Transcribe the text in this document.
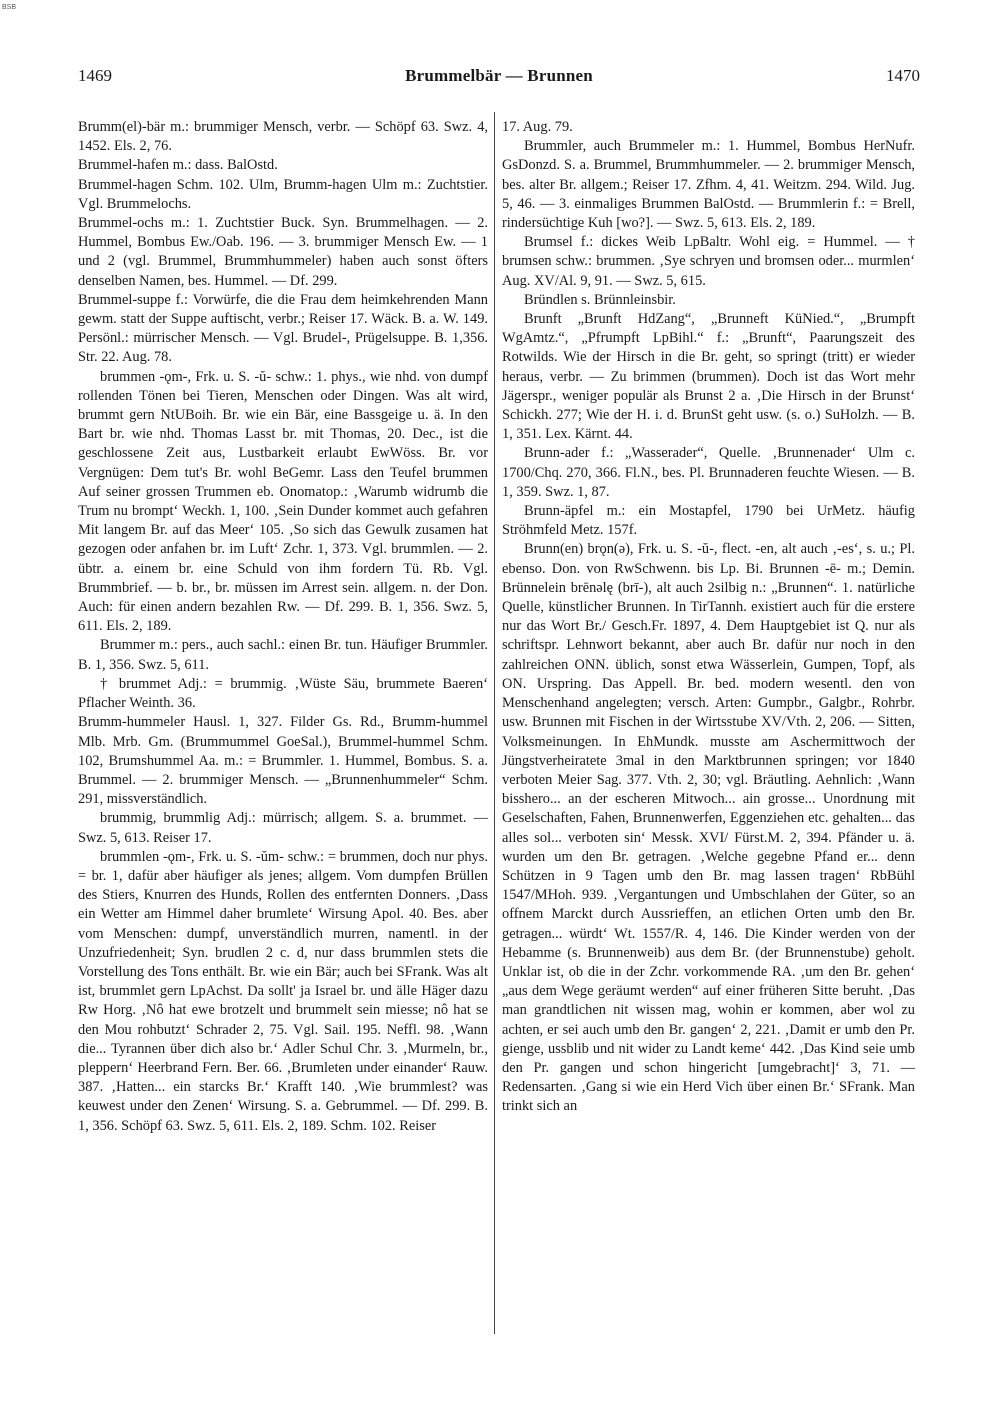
BSB
1469	Brummelbär — Brunnen	1470

Brumm(el)-bär m.: brummiger Mensch, verbr. — Schöpf 63. Swz. 4, 1452. Els. 2, 76.

Brummel-hafen m.: dass. BalOstd.

Brummel-hagen Schm. 102. Ulm, Brumm-hagen Ulm m.: Zuchtstier. Vgl. Brummelochs.

Brummel-ochs m.: 1. Zuchtstier Buck. Syn. Brummelhagen. — 2. Hummel, Bombus Ew./Oab. 196. — 3. brummiger Mensch Ew. — 1 und 2 (vgl. Brummel, Brummhummeler) haben auch sonst öfters denselben Namen, bes. Hummel. — Df. 299.

Brummel-suppe f.: Vorwürfe, die die Frau dem heimkehrenden Mann gewm. statt der Suppe auftischt, verbr.; Reiser 17. Wäck. B. a. W. 149. Persönl.: mürrischer Mensch. — Vgl. Brudel-, Prügelsuppe. B. 1,356. Str. 22. Aug. 78.

brummen -ǫm-, Frk. u. S. -ŭ- schw.: 1. phys., wie nhd. von dumpf rollenden Tönen bei Tieren, Menschen oder Dingen. Was alt wird, brummt gern NtUBoih. Br. wie ein Bär, eine Bassgeige u. ä. In den Bart br. wie nhd. Thomas Lasst br. mit Thomas, 20. Dec., ist die geschlossene Zeit aus, Lustbarkeit erlaubt EwWöss. Br. vor Vergnügen: Dem tut's Br. wohl BeGemr. Lass den Teufel brummen Auf seiner grossen Trummen eb. Onomatop.: ‚Warumb widrumb die Trum nu brompt‘ Weckh. 1, 100. ‚Sein Dunder kommet auch gefahren Mit langem Br. auf das Meer‘ 105. ‚So sich das Gewulk zusamen hat gezogen oder anfahen br. im Luft‘ Zchr. 1, 373. Vgl. brummlen. — 2. übtr. a. einem br. eine Schuld von ihm fordern Tü. Rb. Vgl. Brummbrief. — b. br., br. müssen im Arrest sein. allgem. n. der Don. Auch: für einen andern bezahlen Rw. — Df. 299. B. 1, 356. Swz. 5, 611. Els. 2, 189.

Brummer m.: pers., auch sachl.: einen Br. tun. Häufiger Brummler. B. 1, 356. Swz. 5, 611.

† brummet Adj.: = brummig. ‚Wüste Säu, brummete Baeren‘ Pflacher Weinth. 36.

Brumm-hummeler Hausl. 1, 327. Filder Gs. Rd., Brumm-hummel Mlb. Mrb. Gm. (Brummummel GoeSal.), Brummel-hummel Schm. 102, Brumshummel Aa. m.: = Brummler. 1. Hummel, Bombus. S. a. Brummel. — 2. brummiger Mensch. — „Brunnenhummeler“ Schm. 291, missverständlich.

brummig, brummlig Adj.: mürrisch; allgem. S. a. brummet. — Swz. 5, 613. Reiser 17.

brummlen -ǫm-, Frk. u. S. -ŭm- schw.: = brummen, doch nur phys. = br. 1, dafür aber häufiger als jenes; allgem. Vom dumpfen Brüllen des Stiers, Knurren des Hunds, Rollen des entfernten Donners. ‚Dass ein Wetter am Himmel daher brumlete‘ Wirsung Apol. 40. Bes. aber vom Menschen: dumpf, unverständlich murren, namentl. in der Unzufriedenheit; Syn. brudlen 2 c. d, nur dass brummlen stets die Vorstellung des Tons enthält. Br. wie ein Bär; auch bei SFrank. Was alt ist, brummlet gern LpAchst. Da sollt' ja Israel br. und älle Häger dazu Rw Horg. ‚Nô hat ewe brotzelt und brummelt sein miesse; nô hat se den Mou rohbutzt‘ Schrader 2, 75. Vgl. Sail. 195. Neffl. 98. ‚Wann die... Tyrannen über dich also br.‘ Adler Schul Chr. 3. ‚Murmeln, br., pleppern‘ Heerbrand Fern. Ber. 66. ‚Brumleten under einander‘ Rauw. 387. ‚Hatten... ein starcks Br.‘ Krafft 140. ‚Wie brummlest? was keuwest under den Zenen‘ Wirsung. S. a. Gebrummel. — Df. 299. B. 1, 356. Schöpf 63. Swz. 5, 611. Els. 2, 189. Schm. 102. Reiser

17. Aug. 79.

Brummler, auch Brummeler m.: 1. Hummel, Bombus HerNufr. GsDonzd. S. a. Brummel, Brummhummeler. — 2. brummiger Mensch, bes. alter Br. allgem.; Reiser 17. Zfhm. 4, 41. Weitzm. 294. Wild. Jug. 5, 46. — 3. einmaliges Brummen BalOstd. — Brummlerin f.: = Brell, rindersüchtige Kuh [wo?]. — Swz. 5, 613. Els. 2, 189.

Brumsel f.: dickes Weib LpBaltr. Wohl eig. = Hummel. — † brumsen schw.: brummen. ‚Sye schryen und bromsen oder... murmlen‘ Aug. XV/Al. 9, 91. — Swz. 5, 615.

Bründlen s. Brünnleinsbir.

Brunft „Brunft HdZang“, „Brunneft KüNied.“, „Brumpft WgAmtz.“, „Pfrumpft LpBihl.“ f.: „Brunft“, Paarungszeit des Rotwilds. Wie der Hirsch in die Br. geht, so springt (tritt) er wieder heraus, verbr. — Zu brimmen (brummen). Doch ist das Wort mehr Jägerspr., weniger populär als Brunst 2 a. ‚Die Hirsch in der Brunst‘ Schickh. 277; Wie der H. i. d. BrunSt geht usw. (s. o.) SuHolzh. — B. 1, 351. Lex. Kärnt. 44.

Brunn-ader f.: „Wasserader“, Quelle. ‚Brunnenader‘ Ulm c. 1700/Chq. 270, 366. Fl.N., bes. Pl. Brunnaderen feuchte Wiesen. — B. 1, 359. Swz. 1, 87.

Brunn-äpfel m.: ein Mostapfel, 1790 bei UrMetz. häufig Ströhmfeld Metz. 157f.

Brunn(en) brǫn(ə), Frk. u. S. -ŭ-, flect. -en, alt auch ‚-es‘, s. u.; Pl. ebenso. Don. von RwSchwenn. bis Lp. Bi. Brunnen -ē- m.; Demin. Brünnelein brēnəlę (brī-), alt auch 2silbig n.: „Brunnen“. 1. natürliche Quelle, künstlicher Brunnen. In TirTannh. existiert auch für die erstere nur das Wort Br./ Gesch.Fr. 1897, 4. Dem Hauptgebiet ist Q. nur als schriftspr. Lehnwort bekannt, aber auch Br. dafür nur noch in den zahlreichen ONN. üblich, sonst etwa Wässerlein, Gumpen, Topf, als ON. Urspring. Das Appell. Br. bed. modern wesentl. den von Menschenhand angelegten; versch. Arten: Gumpbr., Galgbr., Rohrbr. usw. Brunnen mit Fischen in der Wirtsstube XV/Vth. 2, 206. — Sitten, Volksmeinungen. In EhMundk. musste am Aschermittwoch der Jüngstverheiratete 3mal in den Marktbrunnen springen; vor 1840 verboten Meier Sag. 377. Vth. 2, 30; vgl. Bräutling. Aehnlich: ‚Wann bisshero... an der escheren Mitwoch... ain grosse... Unordnung mit Geselschaften, Fahen, Brunnenwerfen, Eggenziehen etc. gehalten... das alles sol... verboten sin‘ Messk. XVI/ Fürst.M. 2, 394. Pfänder u. ä. wurden um den Br. getragen. ‚Welche gegebne Pfand er... denn Schützen in 9 Tagen umb den Br. mag lassen tragen‘ RbBühl 1547/MHoh. 939. ‚Vergantungen und Umbschlahen der Güter, so an offnem Marckt durch Aussrieffen, an etlichen Orten umb den Br. getragen... würdt‘ Wt. 1557/R. 4, 146. Die Kinder werden von der Hebamme (s. Brunnenweib) aus dem Br. (der Brunnenstube) geholt. Unklar ist, ob die in der Zchr. vorkommende RA. ‚um den Br. gehen‘ „aus dem Wege geräumt werden“ auf einer früheren Sitte beruht. ‚Das man grandtlichen nit wissen mag, wohin er kommen, aber wol zu achten, er sei auch umb den Br. gangen‘ 2, 221. ‚Damit er umb den Pr. gienge, ussblib und nit wider zu Landt keme‘ 442. ‚Das Kind seie umb den Pr. gangen und schon hingericht [umgebracht]‘ 3, 71. — Redensarten. ‚Gang si wie ein Herd Vich über einen Br.‘ SFrank. Man trinkt sich an
